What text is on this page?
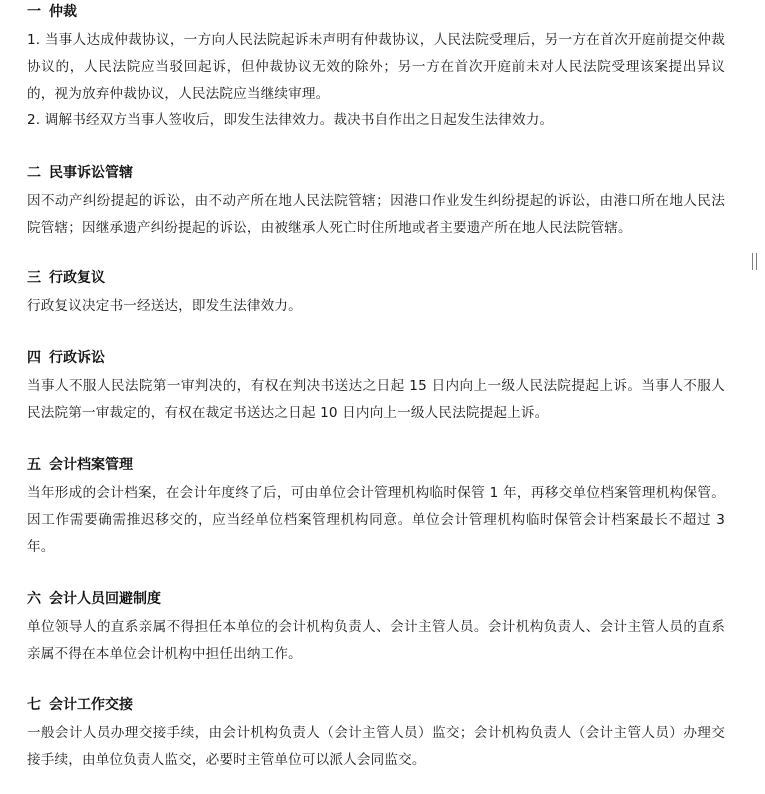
一 仲裁
1. 当事人达成仲裁协议，一方向人民法院起诉未声明有仲裁协议，人民法院受理后，另一方在首次开庭前提交仲裁协议的，人民法院应当驳回起诉，但仲裁协议无效的除外；另一方在首次开庭前未对人民法院受理该案提出异议的，视为放弃仲裁协议，人民法院应当继续审理。
2. 调解书经双方当事人签收后，即发生法律效力。裁决书自作出之日起发生法律效力。
二 民事诉讼管辖
因不动产纠纷提起的诉讼，由不动产所在地人民法院管辖；因港口作业发生纠纷提起的诉讼，由港口所在地人民法院管辖；因继承遗产纠纷提起的诉讼，由被继承人死亡时住所地或者主要遗产所在地人民法院管辖。
三 行政复议
行政复议决定书一经送达，即发生法律效力。
四 行政诉讼
当事人不服人民法院第一审判决的，有权在判决书送达之日起 15 日内向上一级人民法院提起上诉。当事人不服人民法院第一审裁定的，有权在裁定书送达之日起 10 日内向上一级人民法院提起上诉。
五 会计档案管理
当年形成的会计档案，在会计年度终了后，可由单位会计管理机构临时保管 1 年，再移交单位档案管理机构保管。因工作需要确需推迟移交的，应当经单位档案管理机构同意。单位会计管理机构临时保管会计档案最长不超过 3 年。
六 会计人员回避制度
单位领导人的直系亲属不得担任本单位的会计机构负责人、会计主管人员。会计机构负责人、会计主管人员的直系亲属不得在本单位会计机构中担任出纳工作。
七 会计工作交接
一般会计人员办理交接手续，由会计机构负责人（会计主管人员）监交；会计机构负责人（会计主管人员）办理交接手续，由单位负责人监交，必要时主管单位可以派人会同监交。
